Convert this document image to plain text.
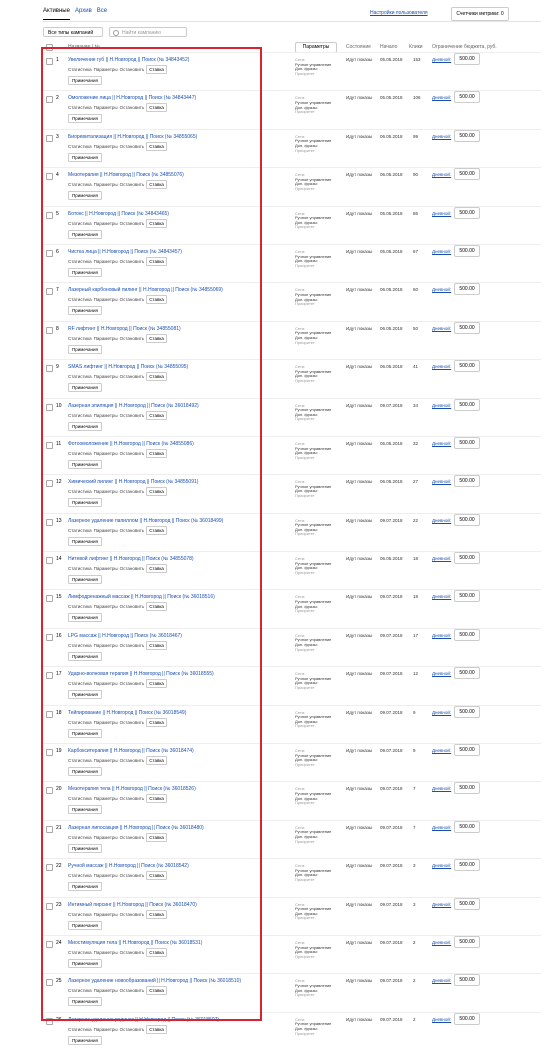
Активные Архив Все	Настройки пользователя	Счетчики метрики: 0
Все типы кампаний	Найти кампанию
Название / №	Параметры	Состояние Начало Клики Ограничение бюджета, руб.
1 Увеличение губ || Н.Новгород || Поиск (№ 34843452)
Статистика Параметры Остановить	Ставка
Примечания
Сети:
Ручное управление
Доп. фразы:
Приоритет
Идут показы 05.05.2018 153	Дневной:	500.00
2 Омоложение лица || Н.Новгород || Поиск (№ 34843447)
Статистика Параметры Остановить	Ставка
Примечания
Сети:
Ручное управление
Доп. фразы:
Приоритет
Идут показы 05.05.2018 106	Дневной:	500.00
3 Биоревитализация || Н.Новгород || Поиск (№ 34855065)
Статистика Параметры Остановить	Ставка
Примечания
Сети:
Ручное управление
Доп. фразы:
Приоритет
Идут показы 06.05.2018 99	Дневной:	500.00
4 Мезотерапия || Н.Новгород || Поиск (№ 34855076)
Статистика Параметры Остановить	Ставка
Примечания
Сети:
Ручное управление
Доп. фразы:
Приоритет
Идут показы 06.05.2018 90	Дневной:	500.00
5 Ботокс || Н.Новгород || Поиск (№ 34843465)
Статистика Параметры Остановить	Ставка
Примечания
Сети:
Ручное управление
Доп. фразы:
Приоритет
Идут показы 05.05.2018 86	Дневной:	500.00
6 Чистка лица || Н.Новгород || Поиск (№ 34843457)
Статистика Параметры Остановить	Ставка
Примечания
Сети:
Ручное управление
Доп. фразы:
Приоритет
Идут показы 05.05.2018 67	Дневной:	500.00
7 Лазерный карбоновый пилинг || Н.Новгород || Поиск (№ 34855069)
Статистика Параметры Остановить	Ставка
Примечания
Сети:
Ручное управление
Доп. фразы:
Приоритет
Идут показы 06.05.2018 60	Дневной:	500.00
8 RF лифтинг || Н.Новгород || Поиск (№ 34855081)
Статистика Параметры Остановить	Ставка
Примечания
Сети:
Ручное управление
Доп. фразы:
Приоритет
Идут показы 06.05.2018 50	Дневной:	500.00
9 SMAS лифтинг || Н.Новгород || Поиск (№ 34855095)
Статистика Параметры Остановить	Ставка
Примечания
Сети:
Ручное управление
Доп. фразы:
Приоритет
Идут показы 06.05.2018 41	Дневной:	500.00
10 Лазерная эпиляция || Н.Новгород || Поиск (№ 36018492)
Статистика Параметры Остановить	Ставка
Примечания
Сети:
Ручное управление
Доп. фразы:
Приоритет
Идут показы 09.07.2018 34	Дневной:	500.00
11 Фотоомоложение || Н.Новгород || Поиск (№ 34855086)
Статистика Параметры Остановить	Ставка
Примечания
Сети:
Ручное управление
Доп. фразы:
Приоритет
Идут показы 06.05.2018 32	Дневной:	500.00
12 Химический пилинг || Н.Новгород || Поиск (№ 34855091)
Статистика Параметры Остановить	Ставка
Примечания
Сети:
Ручное управление
Доп. фразы:
Приоритет
Идут показы 06.05.2018 27	Дневной:	500.00
13 Лазерное удаление папиллом || Н.Новгород || Поиск (№ 36018499)
Статистика Параметры Остановить	Ставка
Примечания
Сети:
Ручное управление
Доп. фразы:
Приоритет
Идут показы 09.07.2018 22	Дневной:	500.00
14 Нитевой лифтинг || Н.Новгород || Поиск (№ 34855078)
Статистика Параметры Остановить	Ставка
Примечания
Сети:
Ручное управление
Доп. фразы:
Приоритет
Идут показы 06.05.2018 18	Дневной:	500.00
15 Лимфодренажный массаж || Н.Новгород || Поиск (№ 36018516)
Статистика Параметры Остановить	Ставка
Примечания
Сети:
Ручное управление
Доп. фразы:
Приоритет
Идут показы 09.07.2018 18	Дневной:	500.00
16 LPG массаж || Н.Новгород || Поиск (№ 36018467)
Статистика Параметры Остановить	Ставка
Примечания
Сети:
Ручное управление
Доп. фразы:
Приоритет
Идут показы 09.07.2018 17	Дневной:	500.00
17 Ударно-волновая терапия || Н.Новгород || Поиск (№ 36018555)
Статистика Параметры Остановить	Ставка
Примечания
Сети:
Ручное управление
Доп. фразы:
Приоритет
Идут показы 09.07.2018 12	Дневной:	500.00
18 Тейпирование || Н.Новгород || Поиск (№ 36018549)
Статистика Параметры Остановить	Ставка
Примечания
Сети:
Ручное управление
Доп. фразы:
Приоритет
Идут показы 09.07.2018 9	Дневной:	500.00
19 Карбокситерапия || Н.Новгород || Поиск (№ 36018474)
Статистика Параметры Остановить	Ставка
Примечания
Сети:
Ручное управление
Доп. фразы:
Приоритет
Идут показы 09.07.2018 9	Дневной:	500.00
20 Мезотерапия тела || Н.Новгород || Поиск (№ 36018526)
Статистика Параметры Остановить	Ставка
Примечания
Сети:
Ручное управление
Доп. фразы:
Приоритет
Идут показы 09.07.2018 7	Дневной:	500.00
21 Лазерная липосакция || Н.Новгород || Поиск (№ 36018480)
Статистика Параметры Остановить	Ставка
Примечания
Сети:
Ручное управление
Доп. фразы:
Приоритет
Идут показы 09.07.2018 7	Дневной:	500.00
22 Ручной массаж || Н.Новгород || Поиск (№ 36018542)
Статистика Параметры Остановить	Ставка
Примечания
Сети:
Ручное управление
Доп. фразы:
Приоритет
Идут показы 09.07.2018 3	Дневной:	500.00
23 Интимный пирсинг || Н.Новгород || Поиск (№ 36018470)
Статистика Параметры Остановить	Ставка
Примечания
Сети:
Ручное управление
Доп. фразы:
Приоритет
Идут показы 09.07.2018 3	Дневной:	500.00
24 Миостимуляция тела || Н.Новгород || Поиск (№ 36018531)
Статистика Параметры Остановить	Ставка
Примечания
Сети:
Ручное управление
Доп. фразы:
Приоритет
Идут показы 09.07.2018 2	Дневной:	500.00
25 Лазерное удаление новообразований || Н.Новгород || Поиск (№ 36018510)
Статистика Параметры Остановить	Ставка
Примечания
Сети:
Ручное управление
Доп. фразы:
Приоритет
Идут показы 09.07.2018 2	Дневной:	500.00
26 Лазерное удаление родинок || Н.Новгород || Поиск (№ 36018507)
Статистика Параметры Остановить	Ставка
Примечания
Сети:
Ручное управление
Доп. фразы:
Приоритет
Идут показы 09.07.2018 2	Дневной:	500.00
